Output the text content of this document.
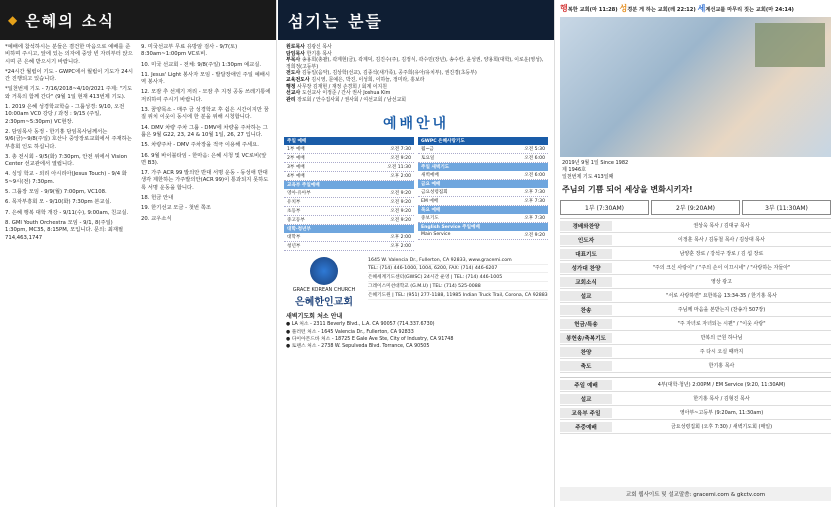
◆ 은혜의 소식

*예배에 참석하시는 분들은 겸건한 마음으로 예배를 준비하며 주시고, 앞에 있는 의자에 중앙 빈 자리부터 앉으시며 큰 은혜 받으시기 바랍니다.

*24시간 월립이 기도 - GWPC에서 월립이 기도가 24시간 진행되고 있습니다.

*일천번제 기도 - 7/16/2018~4/10/2021 주제: "기도와 거룩의 함께 간다" (9월 1일 현재 413번제 기도).

1. 2019 은혜 성경학교학습 - 그룹성경: 9/10, 오전 10:00am VC0 강당 / 과정 : 9/15 (주일, 2:30pm~5:30pm) VC현장.

2. 담임목사 동정 - 한기홍 담임목사님께서는 9/6(금)~9/8(주일) 호산나 중앙장로교회에서 주재하는 부흥회 인도 하십니다.

3. 총 전시회 - 9/5(화) 7:30pm, 안전 위에서 Vision Center 선교관에서 열립니다.

4. 싱잉 학교 - 외리 아시리아(Jesus Touch) - 9/4 화 5~9시(전) 7:30pm.

5. 그룹장 모임 - 9/9(월) 7:00pm, VC108.

6. 목자부흥회 모 - 9/10(화) 7:30pm 본교실.

7. 은혜 행복 대학 개강 - 9/11(수), 9:00am, 친교실.

8. GMI Youth Orchestra 모임 - 9/1, 8(주일) 1:30pm, MC35, 8:15PM, 모입니다. 문의: 최재필 714,463,1747

9. 미국선교부 무료 유방암 검사 - 9/7(토) 8:30am~1:00pm VC로비.

10. 미국 선교회 - 전체: 9/8(주일) 1:30pm 예교실.

11. Jesus' Light 봉사자 모임 - 발달장애인 주일 예배시역 봉사자.

12. 모잠 추 선제기 저리 - 모잠 추 지정 공동 쓰레기통에 저리하여 주시기 바랍니다.

13. 꿈양목소 - 매주 금 성경학교 후 쉼은 시간이지만 꿈질 위치 이웃이 동시에 한 분을 위해 시청합니다.

14. DMV 차량 주차 그룹 - DMV에 차량을 주차하는 그룹은 9월 G22, 23, 24 & 10월 1일, 26, 27 입니다.

15. 차량주차 - DMV 주차장을 적극 이용해 주세요.

16. 9월 바이블타임 - 한마음: 은혜 시청 및 VC로비(앞면 B3).

17. 가주 ACR 99 발의안 반대 서명 운동 - 동성애 반대 생각 제한하는 가주발의안(ACR 99)이 통과되지 못하도록 서명 운동을 합니다.

18. 헌금 안내

19. 한기선교 모금 - 첫번 쪽조

20. 교우소식

섬기는 분들

원로목사 김광신 목사

담임목사 한기홍 목사

부목사 송용희(총괄), 곽계현(금), 곽계덕, 김진수(주), 김정식, 곽수민(장년), 송수란, 윤성권, 양용희(대학), 이로운(영성), 정희정(고등부)

전도사 김동일(음악), 김상학(선교), 김종석(새가족), 공주희(유아/유치부), 권진경(초등부)

교육전도사 김시영, 문예은, 박진, 이성희, 이하늘, 정미라, 홍보라

행정 사무장 김재현 / 재정 손경희 / 회계 이지원

선교사 도선교사 이정준 / 간사 권사 Joshua Kim

관리 장로회 / 안수집사회 / 권사회 / 여선교회 / 남선교회

예배안내
주일 예배
1부 예배	오전 7:30
2부 예배	오전 9:20
3부 예배	오전 11:30
4부 예배	오후 2:00
교육부 주일예배
영아·유아부	오전 9:20
유치부	오전 9:20
초등부	오전 9:20
중고등부	오전 9:20
대학·청년부
대학부	오후 2:00
청년부	오후 2:00
GWPC 은혜사랑기도
월~금	오전 5:30
토요일	오전 6:00
주일 새벽기도
새벽예배	오전 6:00
금요 예배
금요성령집회	오후 7:30
EM 예배	오후 7:30
목요 예배
중보기도	오후 7:30
English Service 주일예배
Main Service	오전 9:20
GRACE KOREAN CHURCH
은혜한인교회
1645 W. Valencia Dr., Fullerton, CA 92833, www.gracemi.com
TEL: (714) 446-1000, 1004, 6200, FAX: (714) 446-6207
은혜세계기도센터(GWSC) 24시간 운영 | TEL: (714) 446-1005
그레이스미션대학교 (G.M.U) | TEL: (714) 525-0088
은혜기도원 | TEL: (951) 277-1188, 11985 Indian Truck Trail, Corona, CA 92883
새벽기도회 처소 안내
● LA 처소 - 2311 Beverly Blvd., L.A. CA 90057 (714.337.6730)
● 풀러턴 처소 - 1645 Valencia Dr., Fullerton, CA 92833
● 다이아몬드바 처소 - 18725 E Gale Ave Ste, City of Industry, CA 91748
● 토랜스 처소 - 2738 W. Sepulveda Blvd. Torrance, CA 90505
행복한 교회(마 11:28) 성경분 게 하는 교회(레 22:12) 세계선교를 마무리 짓는 교회(마 24:14)
2019년 9월 1일 Since 1982
제 1946호
일천번제 기도 413일째
주님의 기쁨 되어 세상을 변화시키자!
1부 (7:30AM)	2부 (9:20AM)	3부 (11:30AM)
경배와찬양	권상욱 목사 / 김대규 목사
인도자	이정훈 목사 / 김동철 목사 / 김상대 목사
대표기도	남양훈 장로 / 강석구 장로 / 김 섭 장로
성가대 찬양	"주의 크신 사랑이" / "주의 손이 이끄시네" / "사랑하는 자들아"
교회소식	영상 광고
설교	"서로 사랑하면" 요한복음 13:34-35 / 한기홍 목사
찬송	주님께 마음을 본받는지 (찬송가 507장)
헌금/특송	"주 자녀로 자녀되는 시편" / "이웃 사랑"
봉헌송/축복기도	만복의 근원 하나님
찬양	주 다시 오실 때까지
축도	한기홍 목사
주일 예배	4부(대학·청년) 2:00PM / EM Service (9:20, 11:30AM)
설교	한기홍 목사 / 김형진 목사
교육부 주일	영아부~고등부 (9:20am, 11:30am)
주중예배	금요성령집회 (오후 7:30) / 새벽기도회 (매일)
교회 웹사이트 및 설교말씀: gracemi.com & gkctv.com
